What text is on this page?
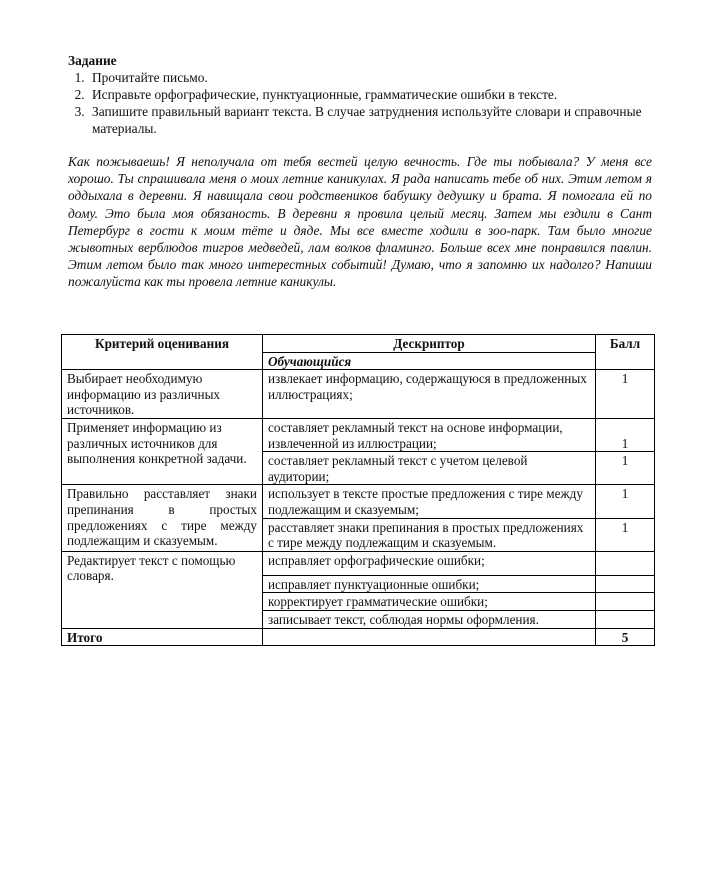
Задание
1. Прочитайте письмо.
2. Исправьте орфографические, пунктуационные, грамматические ошибки в тексте.
3. Запишите правильный вариант текста. В случае затруднения используйте словари и справочные материалы.
Как пожываешь! Я неполучала от тебя вестей целую вечность. Где ты побывала? У меня все хорошо. Ты спрашивала меня о моих летние каникулах. Я рада написать тебе об них. Этим летом я оддыхала в деревни. Я навищала свои родствеников бабушку дедушку и брата. Я помогала ей по дому. Это была моя обязаность. В деревни я провила целый месяц. Затем мы ездили в Сант Петербург в гости к моим тёте и дяде. Мы все вместе ходили в зоо-парк. Там было многие жывотных верблюдов тигров медведей, лам волков фламинго. Больше всех мне понравился павлин. Этим летом было так много интерестных событий! Думаю, что я запомню их надолго? Напиши пожалуйста как ты провела летние каникулы.
Критерий оценивания	Дескриптор	Балл
	Обучающийся	
Выбирает необходимую информацию из различных источников.	извлекает информацию, содержащуюся в предложенных иллюстрациях;	1
Применяет информацию из различных источников для выполнения конкретной задачи.	составляет рекламный текст на основе информации, извлеченной из иллюстрации;	1
	составляет рекламный текст с учетом целевой аудитории;	1
Правильно расставляет знаки препинания в простых предложениях с тире между подлежащим и сказуемым.	использует в тексте простые предложения с тире между подлежащим и сказуемым;	1
	расставляет знаки препинания в простых предложениях с тире между подлежащим и сказуемым.	1
Редактирует текст с помощью словаря.	исправляет орфографические ошибки;	
	исправляет пунктуационные ошибки;	
	корректирует грамматические ошибки;	
	записывает текст, соблюдая нормы оформления.	
Итого		5
